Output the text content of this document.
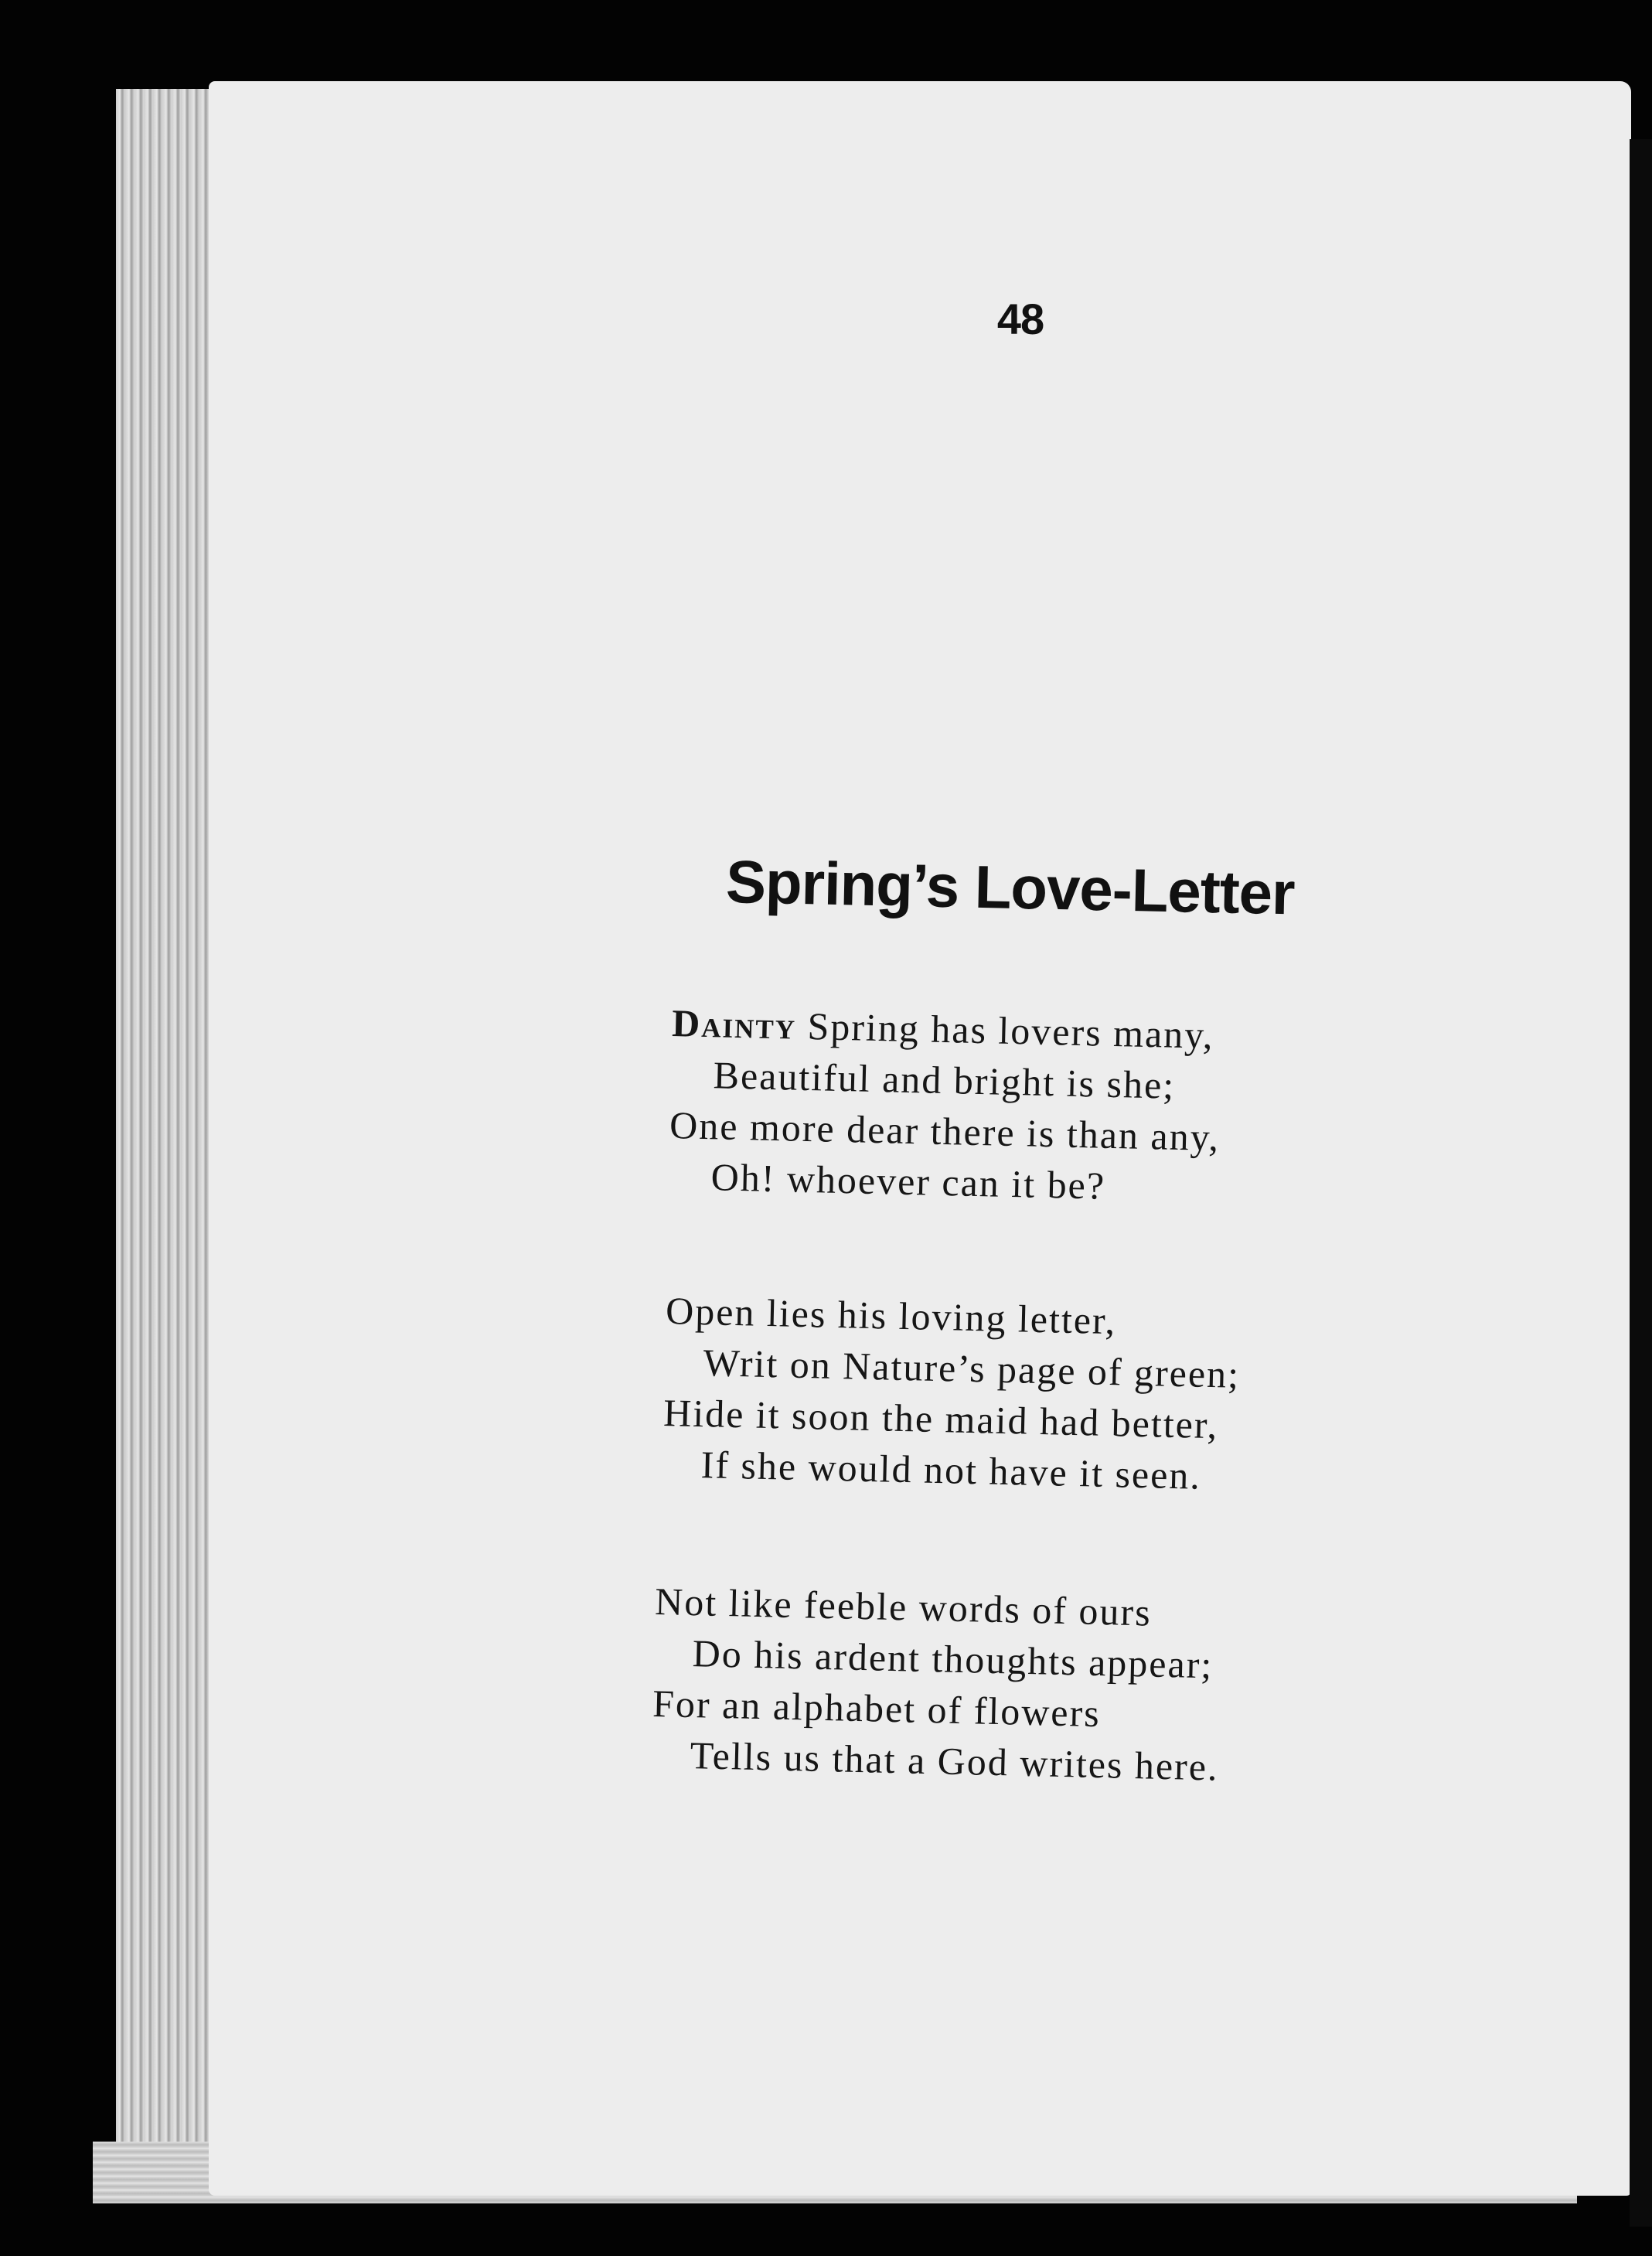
48
Spring’s Love-Letter
Dainty Spring has lovers many,
Beautiful and bright is she;
One more dear there is than any,
Oh! whoever can it be?
Open lies his loving letter,
Writ on Nature’s page of green;
Hide it soon the maid had better,
If she would not have it seen.
Not like feeble words of ours
Do his ardent thoughts appear;
For an alphabet of flowers
Tells us that a God writes here.
